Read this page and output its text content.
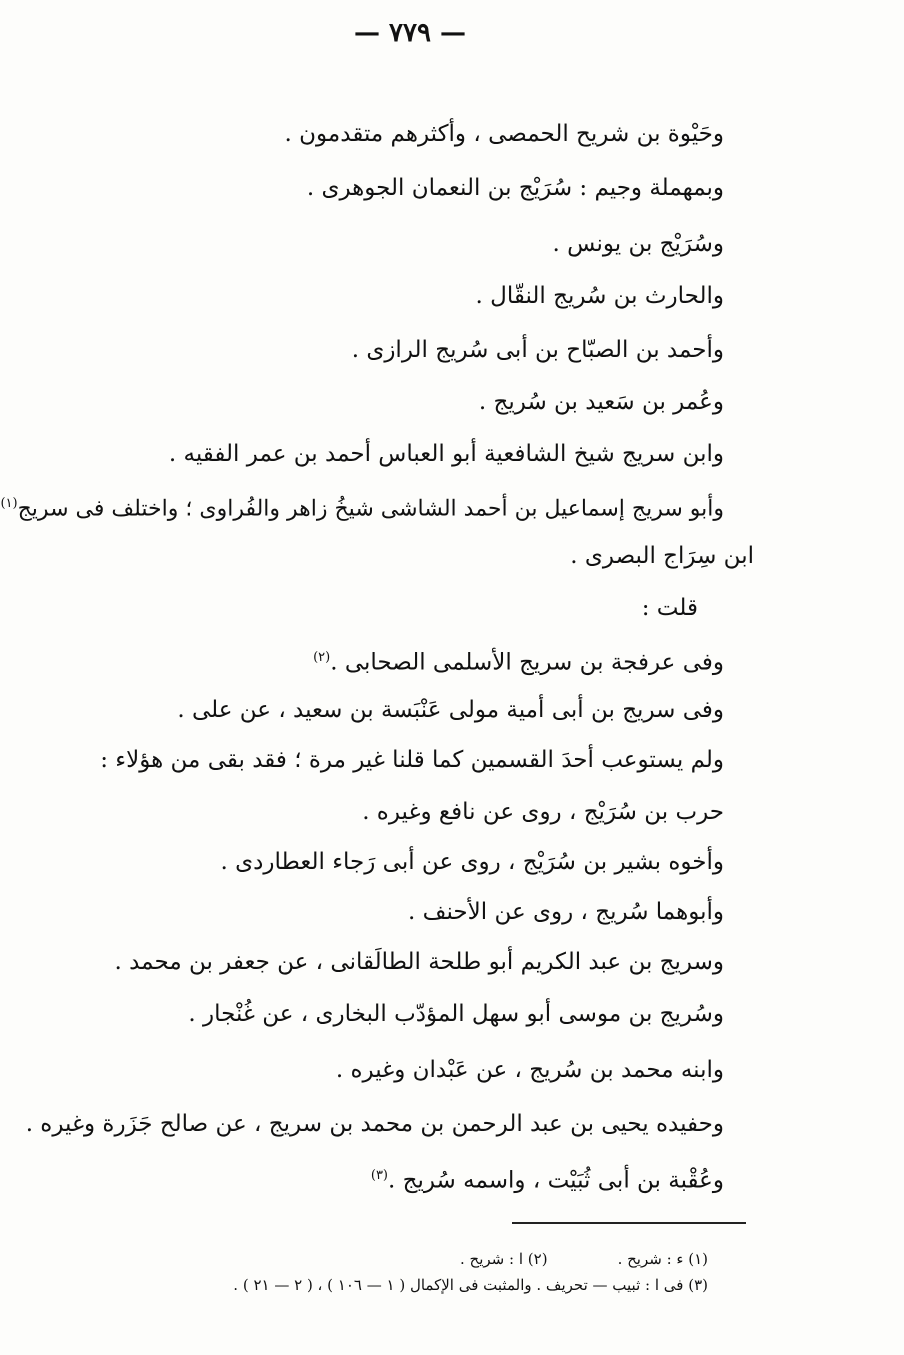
— ٧٧٩ —
وحَيْوة بن شريح الحمصى ، وأكثرهم متقدمون .
وبمهملة وجيم : سُرَيْج بن النعمان الجوهرى .
وسُرَيْج بن يونس .
والحارث بن سُريج النقّال .
وأحمد بن الصبّاح بن أبى سُريج الرازى .
وعُمر بن سَعيد بن سُريج .
وابن سريج شيخ الشافعية أبو العباس أحمد بن عمر الفقيه .
وأبو سريج إسماعيل بن أحمد الشاشى شيخُ زاهر والفُراوى ؛ واختلف فى سريج$^{(١)}$
ابن سِرَاج البصرى .
قلت :
وفى عرفجة بن سريج الأسلمى الصحابى .$^{(٢)}$
وفى سريج بن أبى أمية مولى عَنْبَسة بن سعيد ، عن على .
ولم يستوعب أحدَ القسمين كما قلنا غير مرة ؛ فقد بقى من هؤلاء :
حرب بن سُرَيْج ، روى عن نافع وغيره .
وأخوه بشير بن سُرَيْج ، روى عن أبى رَجاء العطاردى .
وأبوهما سُريج ، روى عن الأحنف .
وسريج بن عبد الكريم أبو طلحة الطالَقانى ، عن جعفر بن محمد .
وسُريج بن موسى أبو سهل المؤدّب البخارى ، عن غُنْجار .
وابنه محمد بن سُريج ، عن عَبْدان وغيره .
وحفيده يحيى بن عبد الرحمن بن محمد بن سريج ، عن صالح جَزَرة وغيره .
وعُقْبة بن أبى ثُبَيْت ، واسمه سُريج .$^{(٣)}$
(١) ء : شريح .
(٢) ا : شريح .
(٣) فى ا : ثبيب — تحريف . والمثبت فى الإكمال ( ١ — ١٠٦ ) ، ( ٢ — ٢١ ) .
